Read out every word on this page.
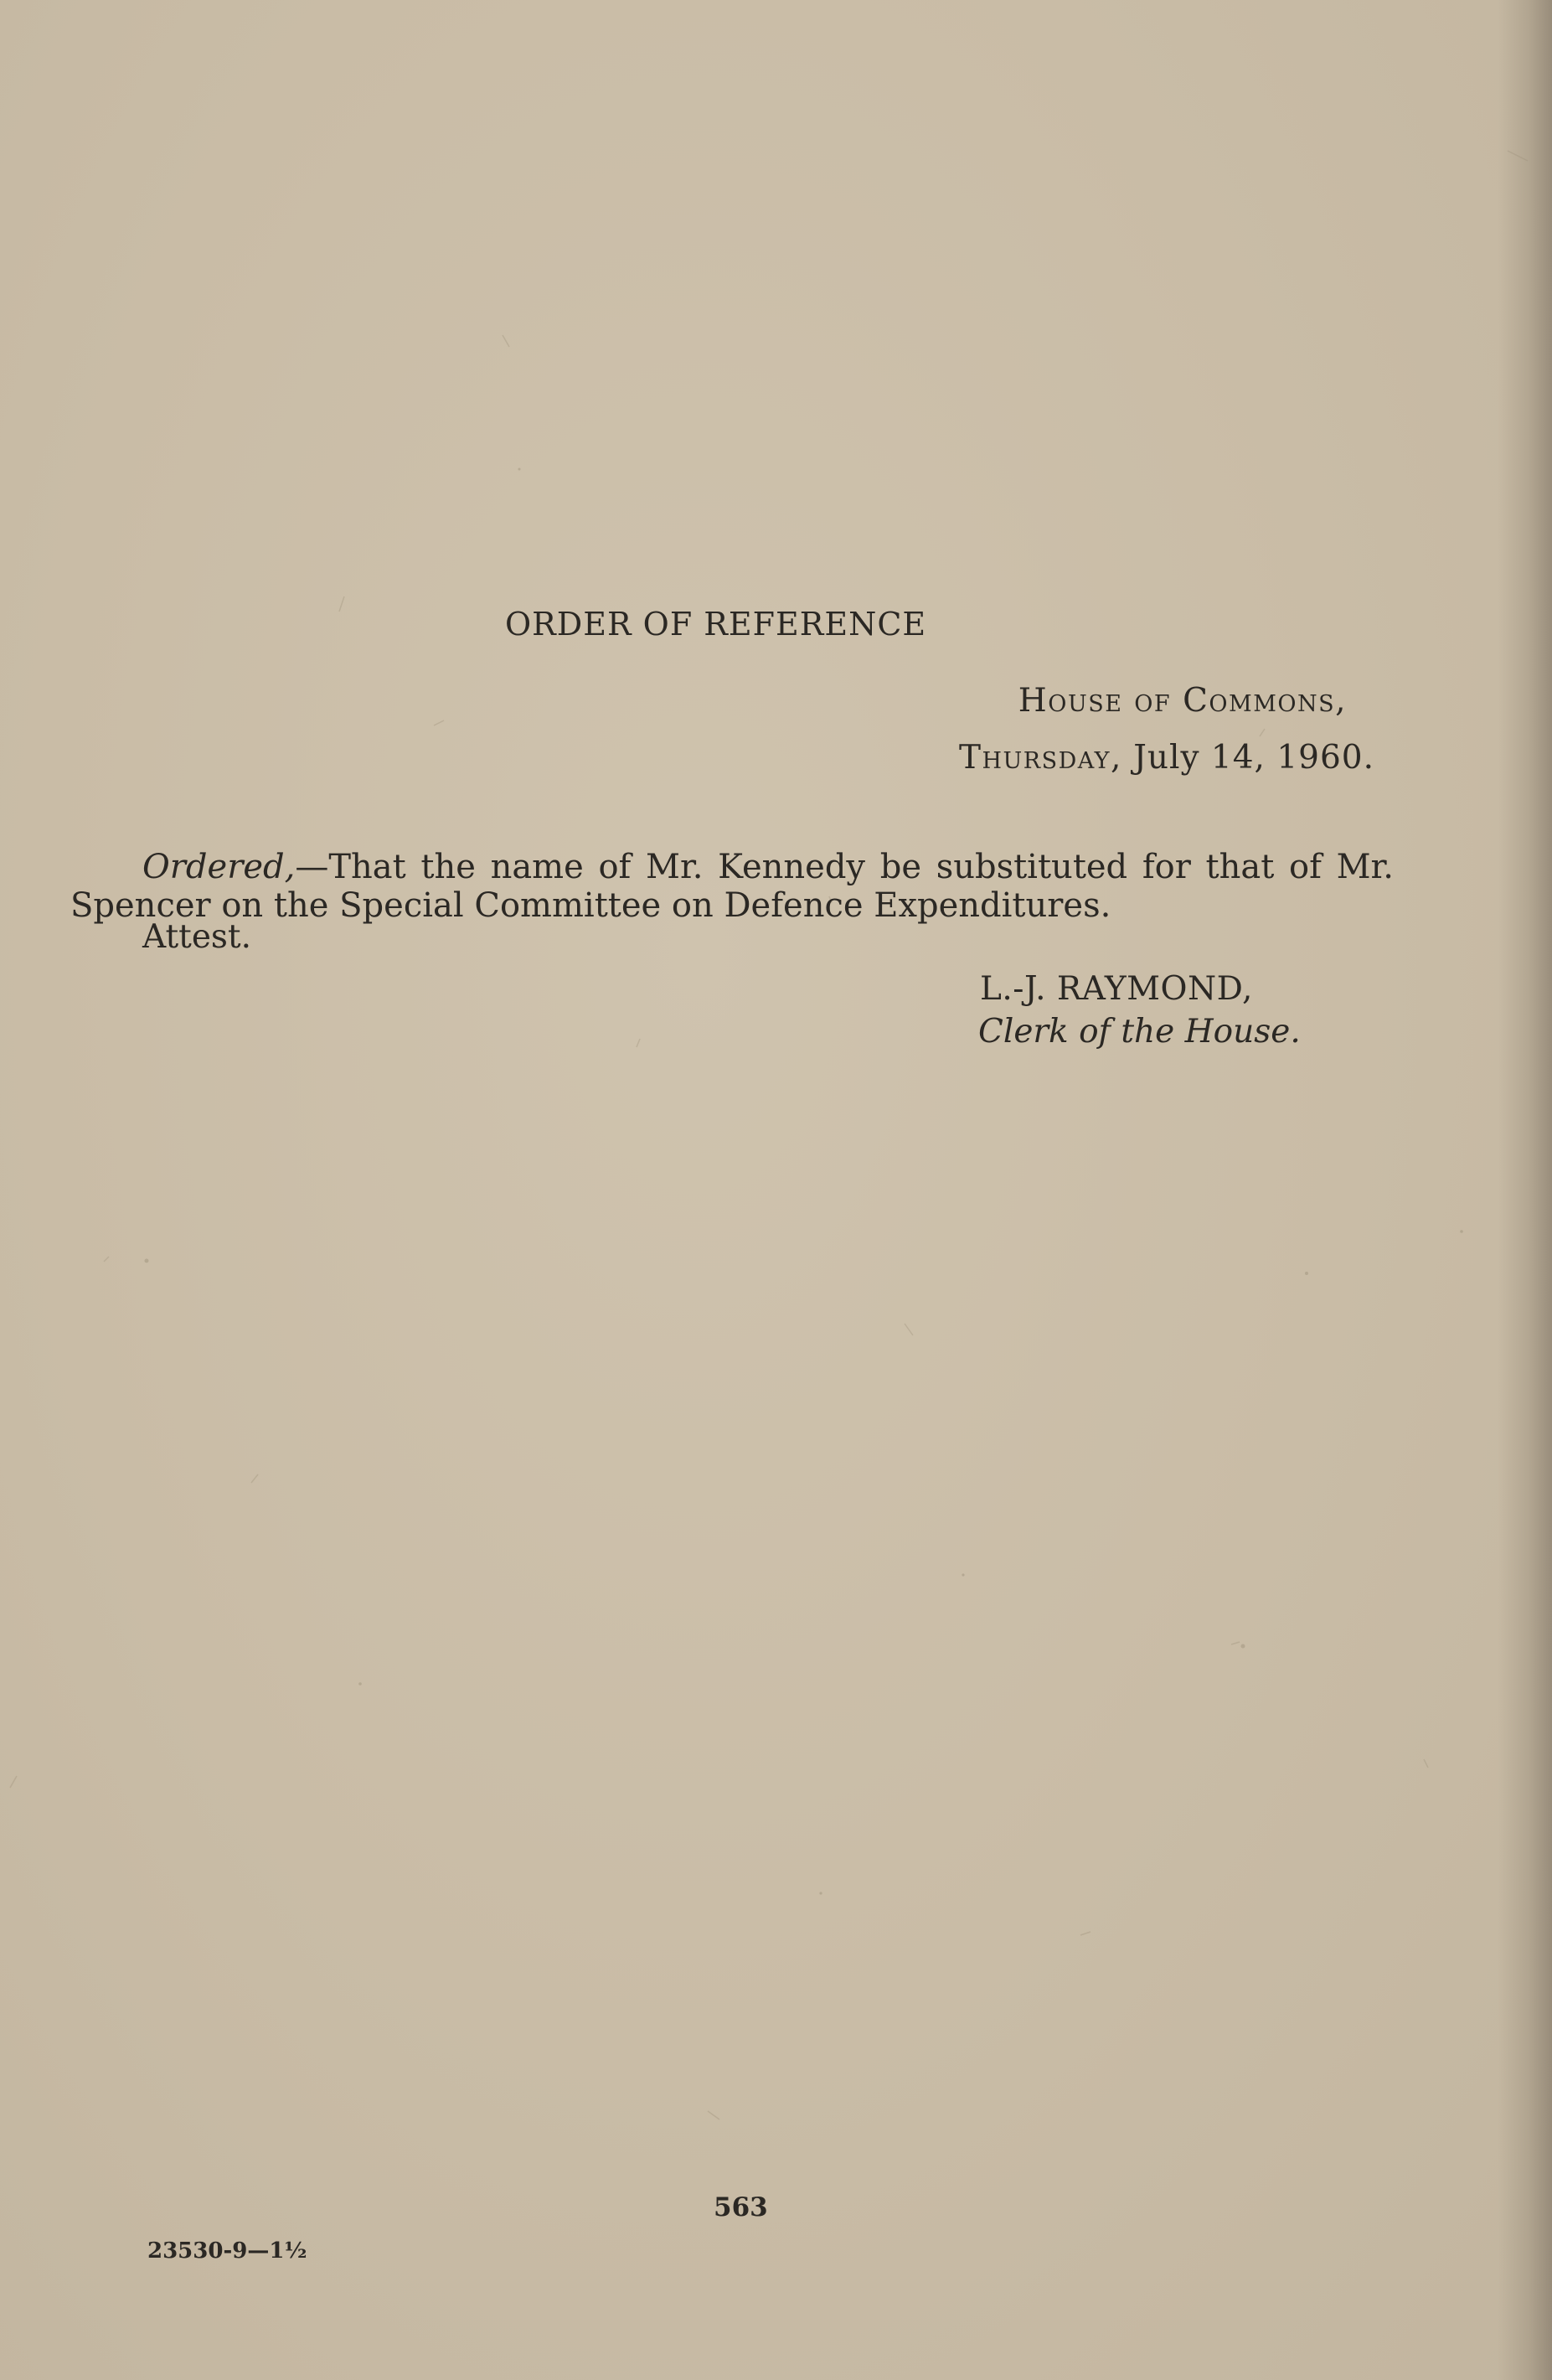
ORDER OF REFERENCE
House of Commons,
Thursday, July 14, 1960.

Ordered,—That the name of Mr. Kennedy be substituted for that of Mr. Spencer on the Special Committee on Defence Expenditures.

Attest.
L.-J. RAYMOND,
Clerk of the House.
563
23530-9—1½
